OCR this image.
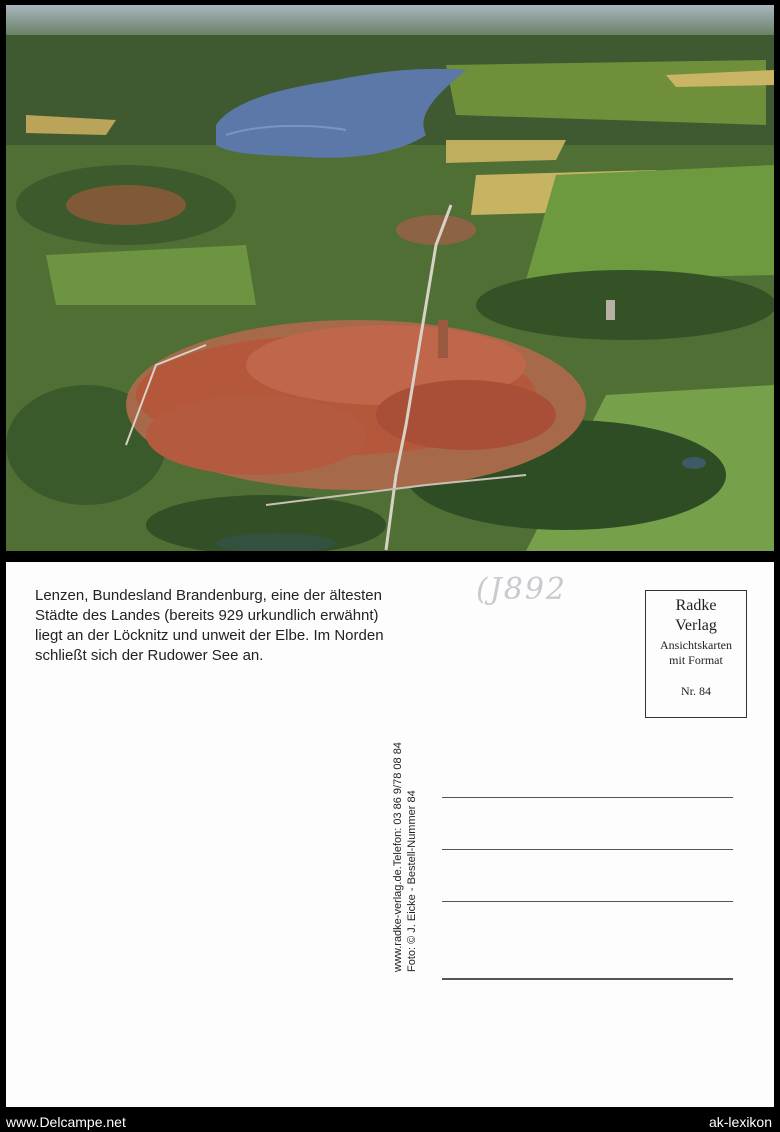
Lenzen, Bundesland Brandenburg, eine der ältesten
Städte des Landes (bereits 929 urkundlich erwähnt)
liegt an der Löcknitz und unweit der Elbe. Im Norden
schließt sich der Rudower See an.

(J892	Radke
Verlag
Ansichtskarten
mit Format
Nr. 84
www.radke-verlag.de.Telefon: 03 86 9/78 08 84 Foto: © J. Eicke - Bestell-Nummer 84
www.Delcampe.net	ak-lexikon
